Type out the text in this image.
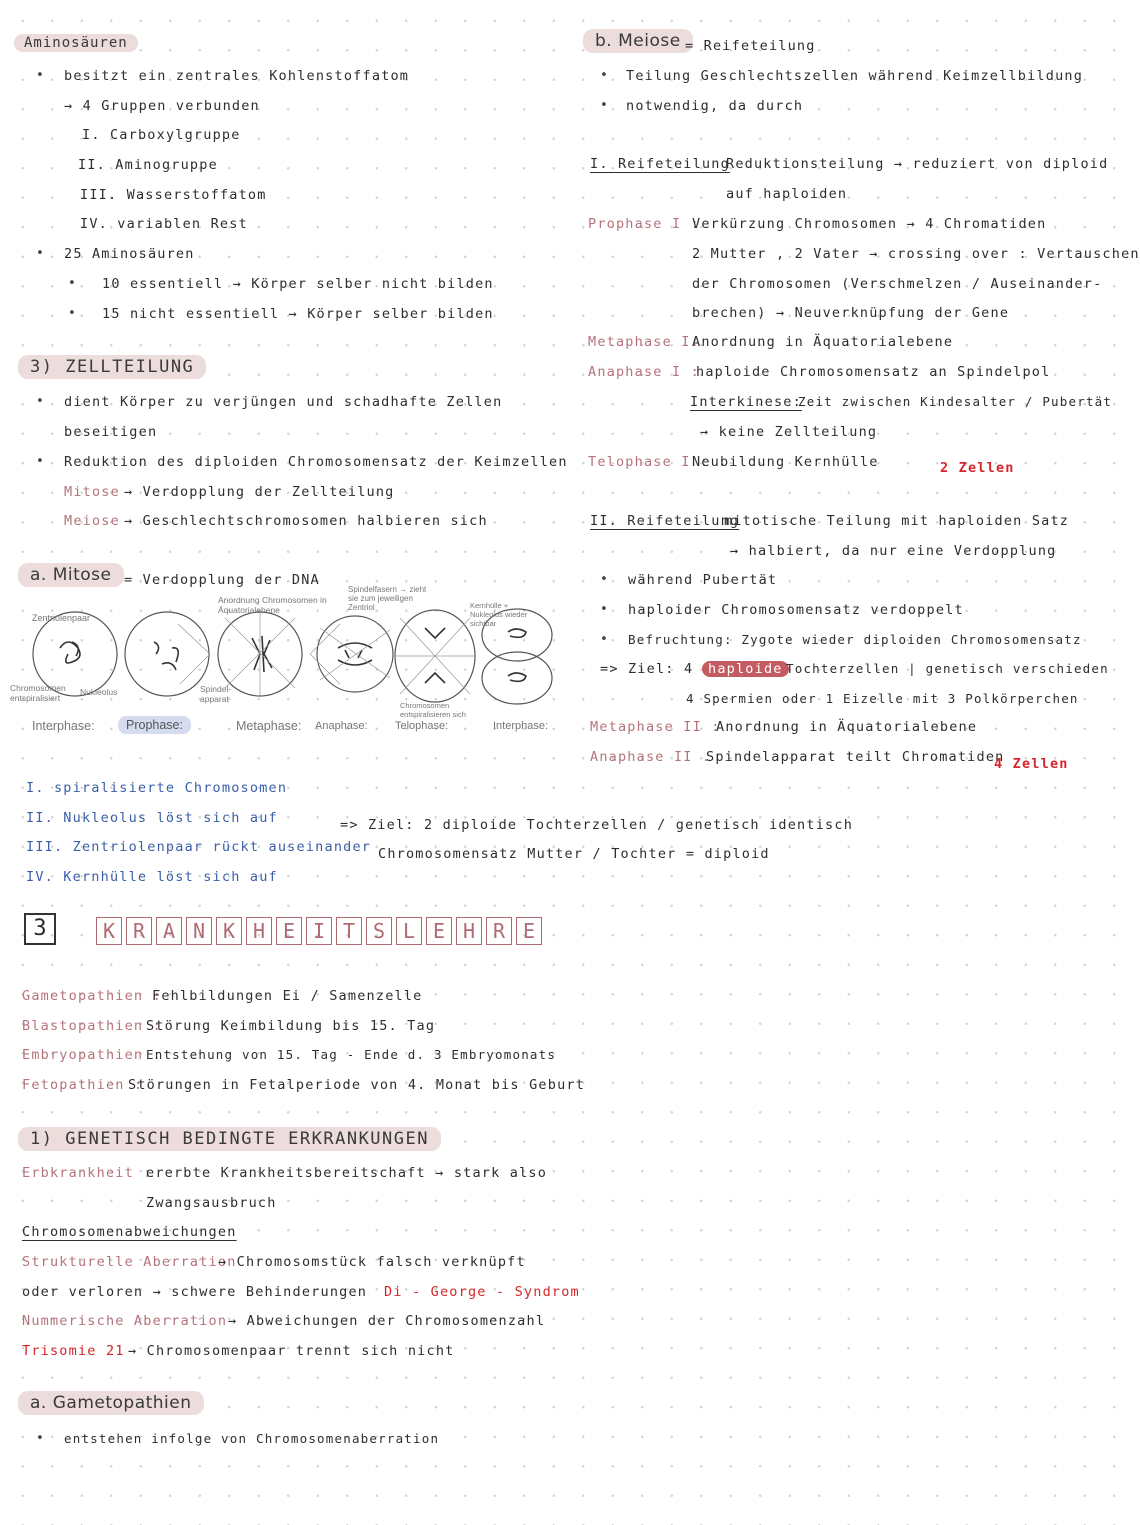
Aminosäuren
• besitzt ein zentrales Kohlenstoffatom
→ 4 Gruppen verbunden
I. Carboxylgruppe
II. Aminogruppe
III. Wasserstoffatom
IV. variablen Rest
• 25 Aminosäuren
• 10 essentiell → Körper selber nicht bilden
• 15 nicht essentiell → Körper selber bilden
3) ZELLTEILUNG
• dient Körper zu verjüngen und schadhafte Zellen
beseitigen
• Reduktion des diploiden Chromosomensatz der Keimzellen
Mitose → Verdopplung der Zellteilung
Meiose → Geschlechtschromosomen halbieren sich
a. Mitose = Verdopplung der DNA
Zentriolenpaar
Chromosomen entspiralisiert
Nukleolus
Anordnung Chromosomen in Äquatorialebene
Spindelfasern → zieht sie zum jeweiligen Zentriol	Kernhülle + Nukleolus wieder sichtbar
Spindel-apparat
Chromosomen entspiralisieren sich
Interphase:	Prophase:	Metaphase: Anaphase: Telophase:	Interphase:
I. spiralisierte Chromosomen
II. Nukleolus löst sich auf
III. Zentriolenpaar rückt auseinander
IV. Kernhülle löst sich auf
=> Ziel: 2 diploide Tochterzellen / genetisch identisch
Chromosomensatz Mutter / Tochter = diploid
b. Meiose = Reifeteilung
• Teilung Geschlechtszellen während Keimzellbildung
• notwendig, da durch
I. Reifeteilung
Reduktionsteilung → reduziert von diploid
auf haploiden
Prophase I :
Verkürzung Chromosomen → 4 Chromatiden
2 Mutter , 2 Vater → crossing over : Vertauschen
der Chromosomen (Verschmelzen / Auseinander-
brechen) → Neuverknüpfung der Gene
Metaphase I:
Anordnung in Äquatorialebene
Anaphase I :
haploide Chromosomensatz an Spindelpol
Interkinese:
Zeit zwischen Kindesalter / Pubertät
→ keine Zellteilung
Telophase I :
Neubildung Kernhülle	2 Zellen
II. Reifeteilung
mitotische Teilung mit haploiden Satz
→ halbiert, da nur eine Verdopplung
• während Pubertät
• haploider Chromosomensatz verdoppelt
• Befruchtung: Zygote wieder diploiden Chromosomensatz
=> Ziel: 4	haploide Tochterzellen | genetisch verschieden
4 Spermien oder 1 Eizelle mit 3 Polkörperchen
Metaphase II :
Anordnung in Äquatorialebene
Anaphase II .
Spindelapparat teilt Chromatiden
4 Zellen
3	K R A N K H E I T S L E H R E
Gametopathien :
Fehlbildungen Ei / Samenzelle
Blastopathien :
Störung Keimbildung bis 15. Tag
Embryopathien :
Entstehung von 15. Tag - Ende d. 3 Embryomonats
Fetopathien :
Störungen in Fetalperiode von 4. Monat bis Geburt
1) GENETISCH BEDINGTE ERKRANKUNGEN
Erbkrankheit :
ererbte Krankheitsbereitschaft → stark also
Zwangsausbruch
Chromosomenabweichungen
Strukturelle Aberration
→ Chromosomstück falsch verknüpft
oder verloren → schwere Behinderungen Di - George - Syndrom
Nummerische Aberration → Abweichungen der Chromosomenzahl
Trisomie 21 → Chromosomenpaar trennt sich nicht
a. Gametopathien
• entstehen infolge von Chromosomenaberration
